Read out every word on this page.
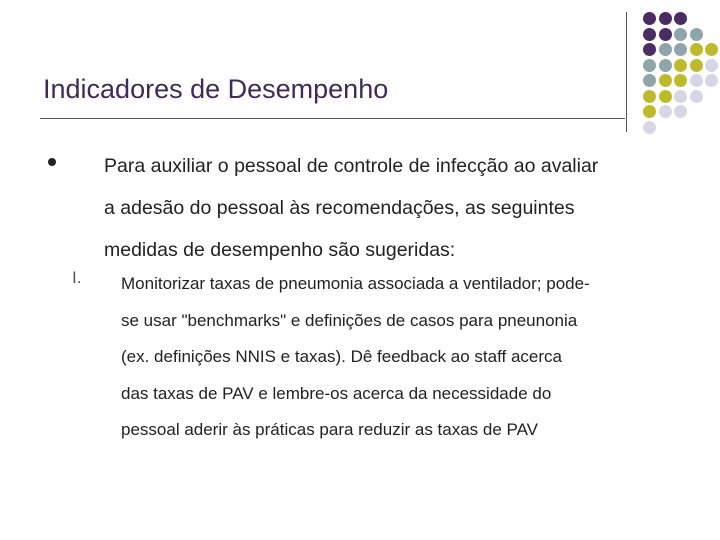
Indicadores de Desempenho
Para auxiliar o pessoal de controle de infecção ao avaliar
a adesão do pessoal às recomendações, as seguintes
medidas de desempenho são sugeridas:
I. Monitorizar taxas de pneumonia associada a ventilador; pode-
se usar "benchmarks" e definições de casos para pneunonia
(ex. definições NNIS e taxas). Dê feedback ao staff acerca
das taxas de PAV e lembre-os acerca da necessidade do
pessoal aderir às práticas para reduzir as taxas de PAV
